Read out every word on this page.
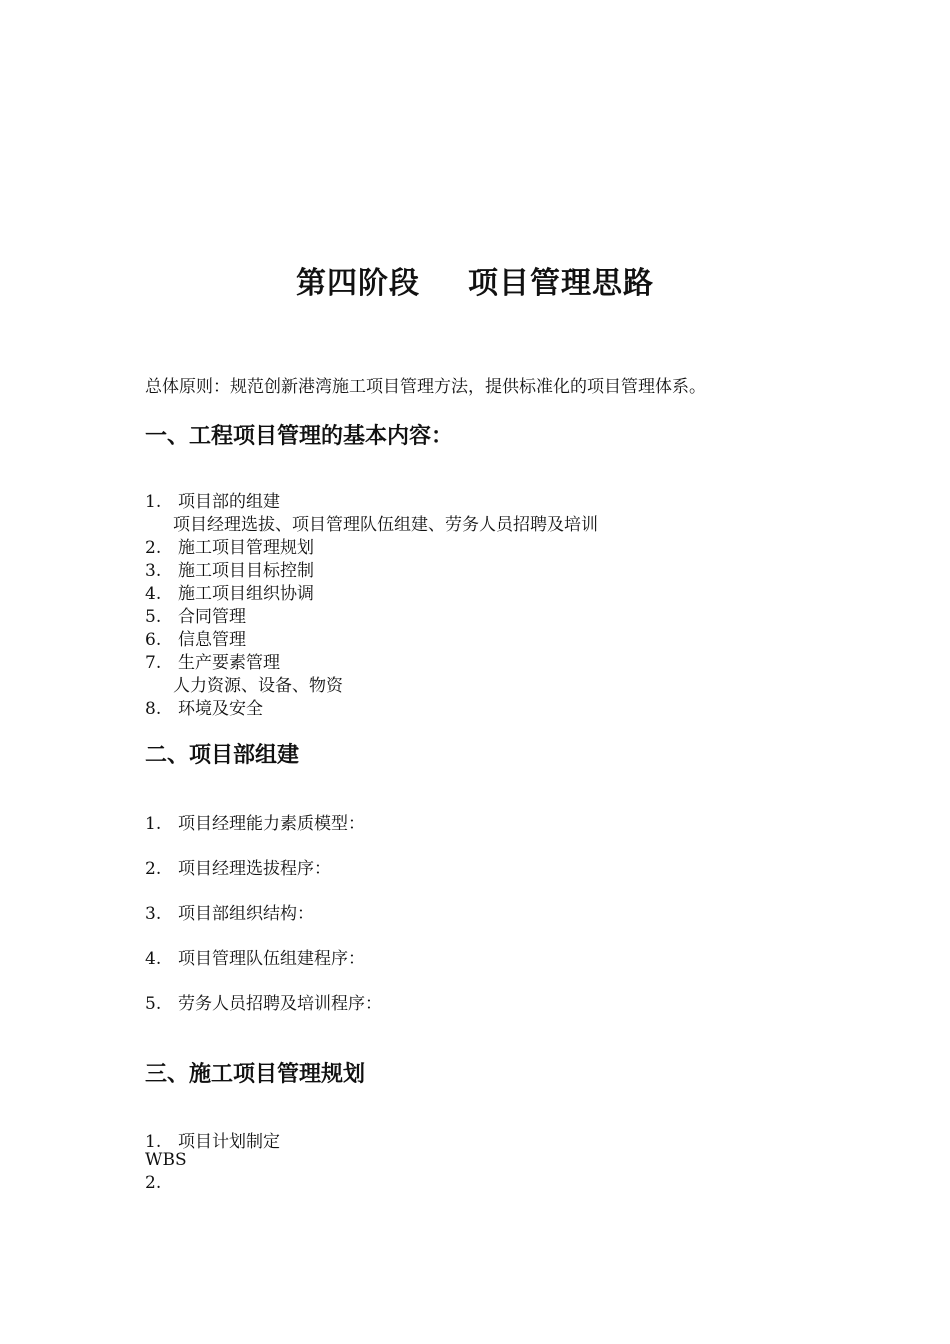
第四阶段 项目管理思路
总体原则：规范创新港湾施工项目管理方法，提供标准化的项目管理体系。
一、工程项目管理的基本内容：
1. 项目部的组建
项目经理选拔、项目管理队伍组建、劳务人员招聘及培训
2. 施工项目管理规划
3. 施工项目目标控制
4. 施工项目组织协调
5. 合同管理
6. 信息管理
7. 生产要素管理
人力资源、设备、物资
8. 环境及安全
二、项目部组建
1. 项目经理能力素质模型：
2. 项目经理选拔程序：
3. 项目部组织结构：
4. 项目管理队伍组建程序：
5. 劳务人员招聘及培训程序：
三、施工项目管理规划
1. 项目计划制定
WBS
2.
